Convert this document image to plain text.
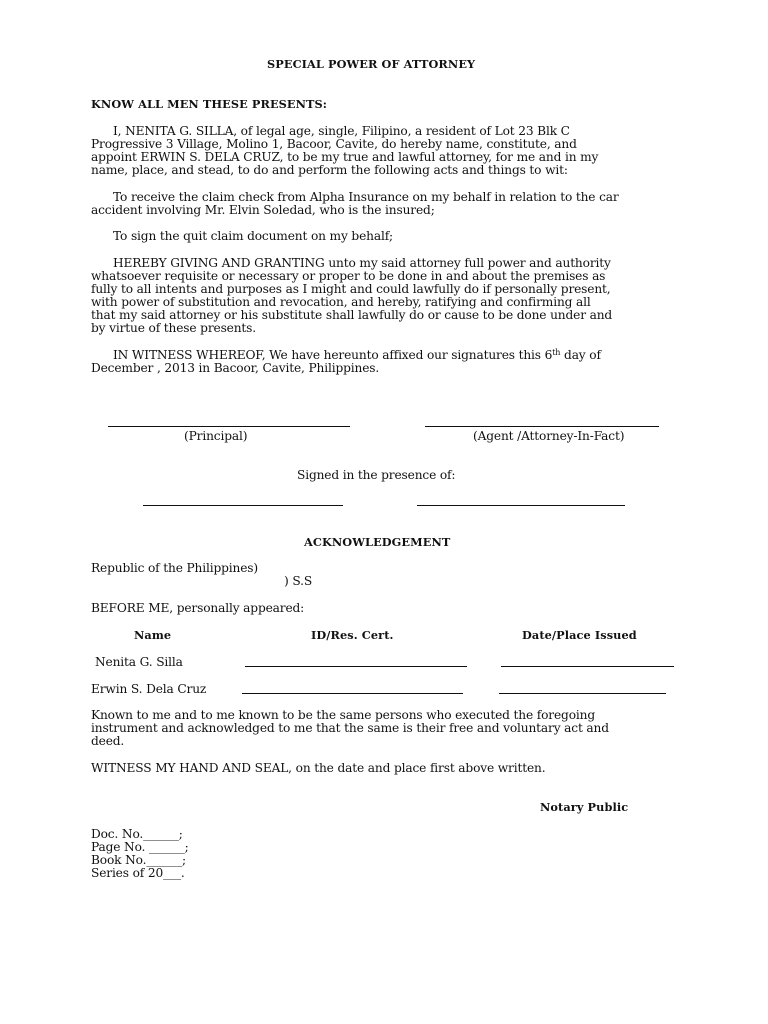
SPECIAL POWER OF ATTORNEY
KNOW ALL MEN THESE PRESENTS:
I, NENITA G. SILLA, of legal age, single, Filipino, a resident of Lot 23 Blk C
Progressive 3 Village, Molino 1, Bacoor, Cavite, do hereby name, constitute, and
appoint ERWIN S. DELA CRUZ, to be my true and lawful attorney, for me and in my
name, place, and stead, to do and perform the following acts and things to wit:
To receive the claim check from Alpha Insurance on my behalf in relation to the car
accident involving Mr. Elvin Soledad, who is the insured;
To sign the quit claim document on my behalf;
HEREBY GIVING AND GRANTING unto my said attorney full power and authority
whatsoever requisite or necessary or proper to be done in and about the premises as
fully to all intents and purposes as I might and could lawfully do if personally present,
with power of substitution and revocation, and hereby, ratifying and confirming all
that my said attorney or his substitute shall lawfully do or cause to be done under and
by virtue of these presents.
IN WITNESS WHEREOF, We have hereunto affixed our signatures this 6th day of
December , 2013 in Bacoor, Cavite, Philippines.
(Principal)	(Agent /Attorney-In-Fact)
Signed in the presence of:
ACKNOWLEDGEMENT
Republic of the Philippines)
) S.S
BEFORE ME, personally appeared:
Name	ID/Res. Cert.	Date/Place Issued
Nenita G. Silla
Erwin S. Dela Cruz
Known to me and to me known to be the same persons who executed the foregoing
instrument and acknowledged to me that the same is their free and voluntary act and
deed.
WITNESS MY HAND AND SEAL, on the date and place first above written.
Notary Public
Doc. No.______;
Page No. ______;
Book No.______;
Series of 20___.
